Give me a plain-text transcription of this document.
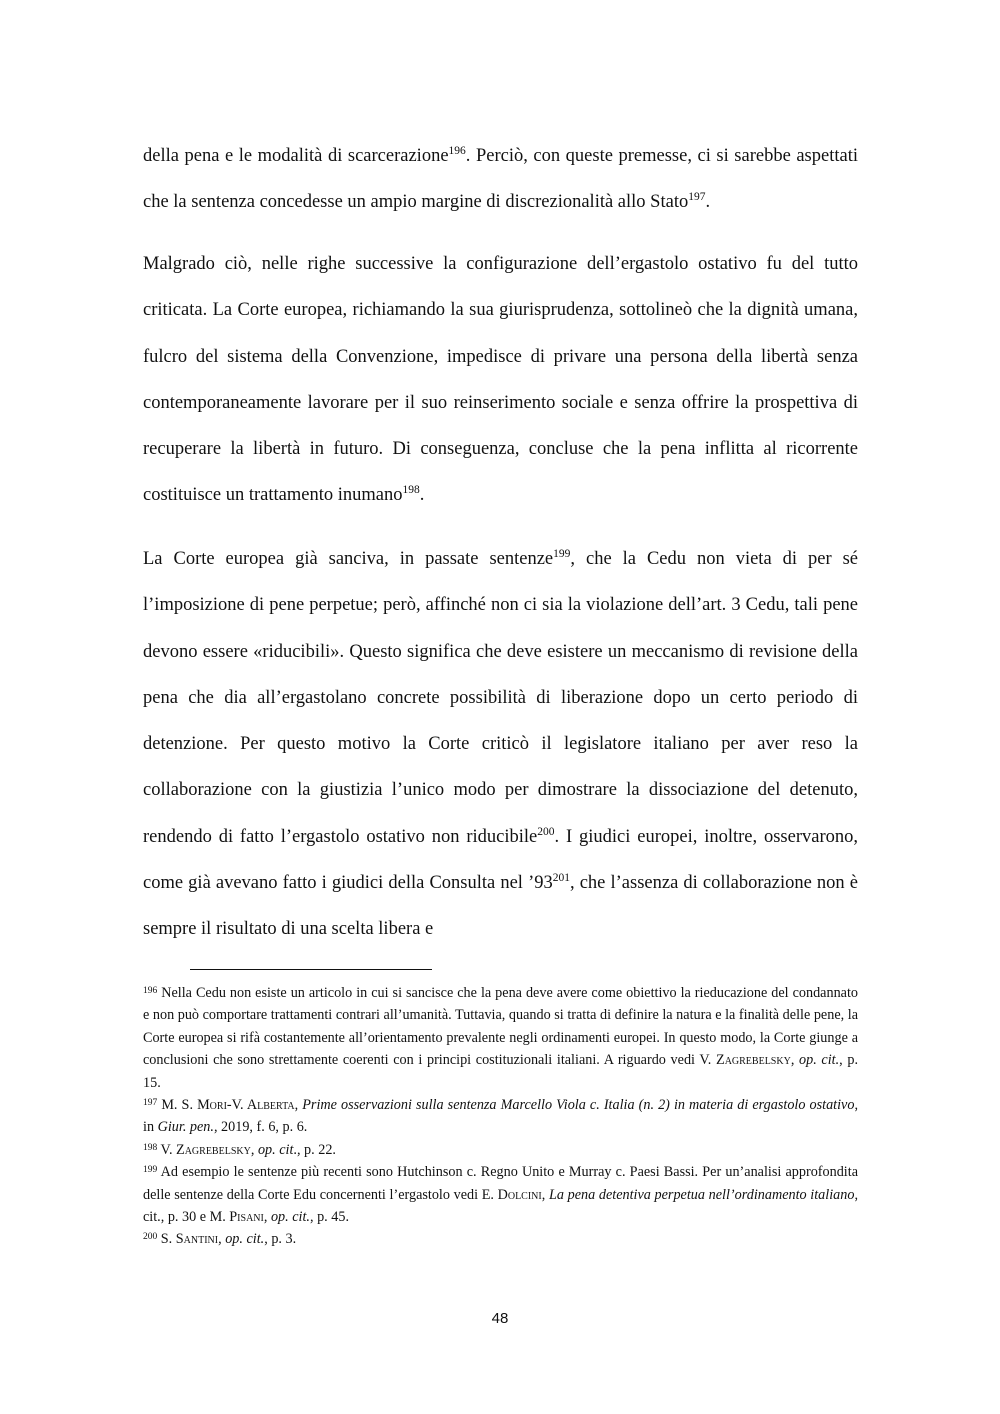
della pena e le modalità di scarcerazione$^{196}$. Perciò, con queste premesse, ci si sarebbe aspettati che la sentenza concedesse un ampio margine di discrezionalità allo Stato$^{197}$.

Malgrado ciò, nelle righe successive la configurazione dell’ergastolo ostativo fu del tutto criticata. La Corte europea, richiamando la sua giurisprudenza, sottolineò che la dignità umana, fulcro del sistema della Convenzione, impedisce di privare una persona della libertà senza contemporaneamente lavorare per il suo reinserimento sociale e senza offrire la prospettiva di recuperare la libertà in futuro. Di conseguenza, concluse che la pena inflitta al ricorrente costituisce un trattamento inumano$^{198}$.

La Corte europea già sanciva, in passate sentenze$^{199}$, che la Cedu non vieta di per sé l’imposizione di pene perpetue; però, affinché non ci sia la violazione dell’art. 3 Cedu, tali pene devono essere «riducibili». Questo significa che deve esistere un meccanismo di revisione della pena che dia all’ergastolano concrete possibilità di liberazione dopo un certo periodo di detenzione. Per questo motivo la Corte criticò il legislatore italiano per aver reso la collaborazione con la giustizia l’unico modo per dimostrare la dissociazione del detenuto, rendendo di fatto l’ergastolo ostativo non riducibile$^{200}$. I giudici europei, inoltre, osservarono, come già avevano fatto i giudici della Consulta nel $’93^{201}$, che l’assenza di collaborazione non è sempre il risultato di una scelta libera e

$^{196}$ Nella Cedu non esiste un articolo in cui si sancisce che la pena deve avere come obiettivo la rieducazione del condannato e non può comportare trattamenti contrari all’umanità. Tuttavia, quando si tratta di definire la natura e la finalità delle pene, la Corte europea si rifà costantemente all’orientamento prevalente negli ordinamenti europei. In questo modo, la Corte giunge a conclusioni che sono strettamente coerenti con i principi costituzionali italiani. A riguardo vedi V. Zagrebelsky, op. cit., p. 15.

$^{197}$ M. S. Mori-V. Alberta, Prime osservazioni sulla sentenza Marcello Viola c. Italia (n. 2) in materia di ergastolo ostativo, in Giur. pen., 2019, f. 6, p. 6.

$^{198}$ V. Zagrebelsky, op. cit., p. 22.

$^{199}$ Ad esempio le sentenze più recenti sono Hutchinson c. Regno Unito e Murray c. Paesi Bassi. Per un’analisi approfondita delle sentenze della Corte Edu concernenti l’ergastolo vedi E. Dolcini, La pena detentiva perpetua nell’ordinamento italiano, cit., p. 30 e M. Pisani, op. cit., p. 45.

$^{200}$ S. Santini, op. cit., p. 3.

48
